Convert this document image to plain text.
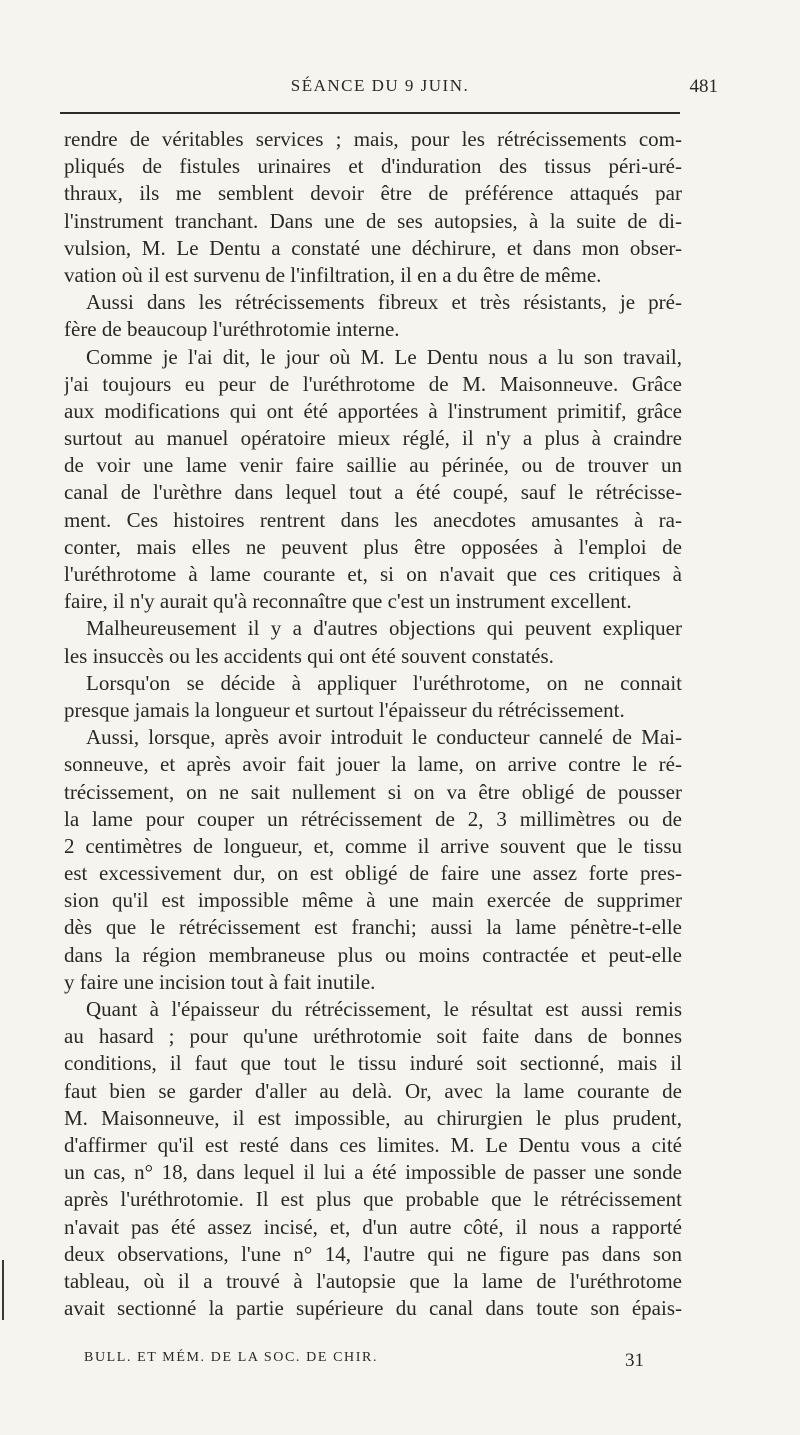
SÉANCE DU 9 JUIN.	481
rendre de véritables services ; mais, pour les rétrécissements com-
pliqués de fistules urinaires et d'induration des tissus péri-uré-
thraux, ils me semblent devoir être de préférence attaqués par
l'instrument tranchant. Dans une de ses autopsies, à la suite de di-
vulsion, M. Le Dentu a constaté une déchirure, et dans mon obser-
vation où il est survenu de l'infiltration, il en a du être de même.
Aussi dans les rétrécissements fibreux et très résistants, je pré-
fère de beaucoup l'uréthrotomie interne.
Comme je l'ai dit, le jour où M. Le Dentu nous a lu son travail,
j'ai toujours eu peur de l'uréthrotome de M. Maisonneuve. Grâce
aux modifications qui ont été apportées à l'instrument primitif, grâce
surtout au manuel opératoire mieux réglé, il n'y a plus à craindre
de voir une lame venir faire saillie au périnée, ou de trouver un
canal de l'urèthre dans lequel tout a été coupé, sauf le rétrécisse-
ment. Ces histoires rentrent dans les anecdotes amusantes à ra-
conter, mais elles ne peuvent plus être opposées à l'emploi de
l'uréthrotome à lame courante et, si on n'avait que ces critiques à
faire, il n'y aurait qu'à reconnaître que c'est un instrument excellent.
Malheureusement il y a d'autres objections qui peuvent expliquer
les insuccès ou les accidents qui ont été souvent constatés.
Lorsqu'on se décide à appliquer l'uréthrotome, on ne connait
presque jamais la longueur et surtout l'épaisseur du rétrécissement.
Aussi, lorsque, après avoir introduit le conducteur cannelé de Mai-
sonneuve, et après avoir fait jouer la lame, on arrive contre le ré-
trécissement, on ne sait nullement si on va être obligé de pousser
la lame pour couper un rétrécissement de 2, 3 millimètres ou de
2 centimètres de longueur, et, comme il arrive souvent que le tissu
est excessivement dur, on est obligé de faire une assez forte pres-
sion qu'il est impossible même à une main exercée de supprimer
dès que le rétrécissement est franchi; aussi la lame pénètre-t-elle
dans la région membraneuse plus ou moins contractée et peut-elle
y faire une incision tout à fait inutile.
Quant à l'épaisseur du rétrécissement, le résultat est aussi remis
au hasard ; pour qu'une uréthrotomie soit faite dans de bonnes
conditions, il faut que tout le tissu induré soit sectionné, mais il
faut bien se garder d'aller au delà. Or, avec la lame courante de
M. Maisonneuve, il est impossible, au chirurgien le plus prudent,
d'affirmer qu'il est resté dans ces limites. M. Le Dentu vous a cité
un cas, n° 18, dans lequel il lui a été impossible de passer une sonde
après l'uréthrotomie. Il est plus que probable que le rétrécissement
n'avait pas été assez incisé, et, d'un autre côté, il nous a rapporté
deux observations, l'une n° 14, l'autre qui ne figure pas dans son
tableau, où il a trouvé à l'autopsie que la lame de l'uréthrotome
avait sectionné la partie supérieure du canal dans toute son épais-
BULL. ET MÉM. DE LA SOC. DE CHIR.	31
